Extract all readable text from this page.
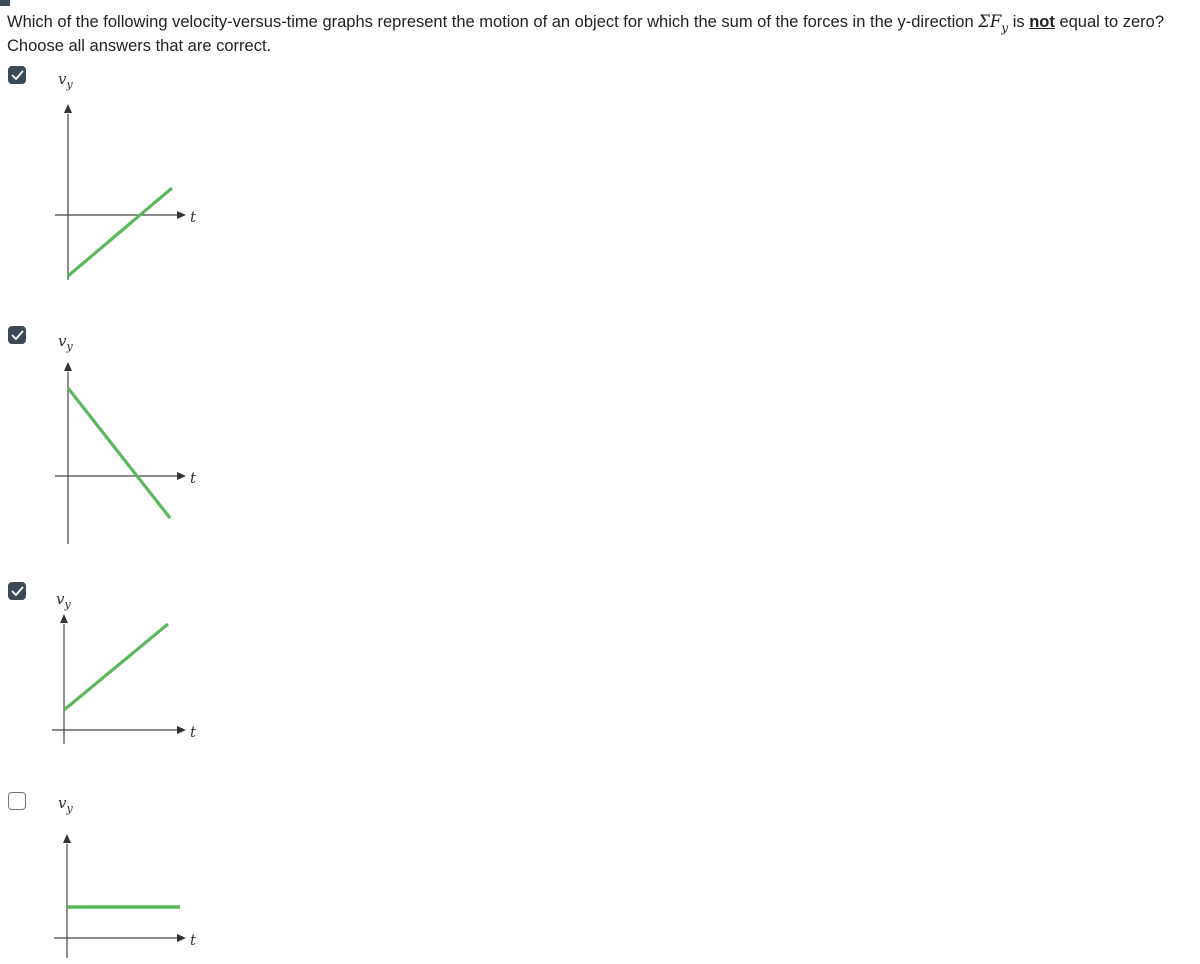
Which of the following velocity-versus-time graphs represent the motion of an object for which the sum of the forces in the y-direction $\Sigma F_y$ is not equal to zero? Choose all answers that are correct.
$v_y$
t
$v_y$
t
$v_y$
t
$v_y$
t
